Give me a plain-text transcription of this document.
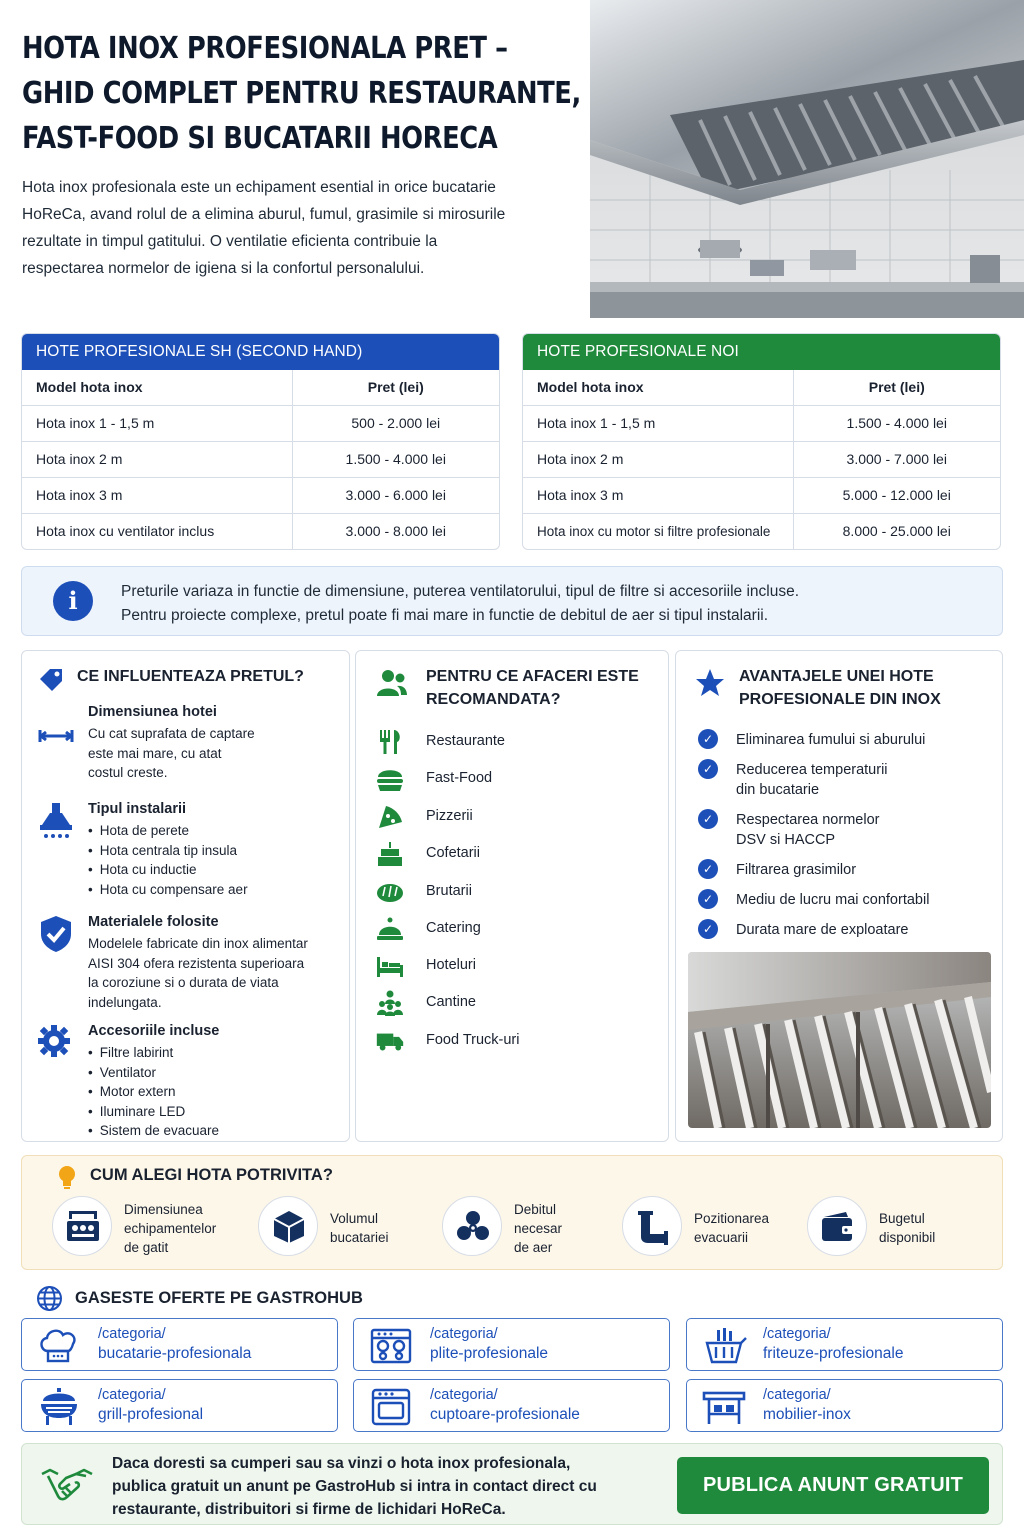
HOTA INOX PROFESIONALA PRET –
GHID COMPLET PENTRU RESTAURANTE,
FAST-FOOD SI BUCATARII HORECA
Hota inox profesionala este un echipament esential in orice bucatarie
HoReCa, avand rolul de a elimina aburul, fumul, grasimile si mirosurile
rezultate in timpul gatitului. O ventilatie eficienta contribuie la
respectarea normelor de igiena si la confortul personalului.
HOTE PROFESIONALE SH (SECOND HAND)
Model hota inox	Pret (lei)
Hota inox 1 - 1,5 m	500 - 2.000 lei
Hota inox 2 m	1.500 - 4.000 lei
Hota inox 3 m	3.000 - 6.000 lei
Hota inox cu ventilator inclus	3.000 - 8.000 lei
HOTE PROFESIONALE NOI
Model hota inox	Pret (lei)
Hota inox 1 - 1,5 m	1.500 - 4.000 lei
Hota inox 2 m	3.000 - 7.000 lei
Hota inox 3 m	5.000 - 12.000 lei
Hota inox cu motor si filtre profesionale	8.000 - 25.000 lei
i	Preturile variaza in functie de dimensiune, puterea ventilatorului, tipul de filtre si accesoriile incluse.
Pentru proiecte complexe, pretul poate fi mai mare in functie de debitul de aer si tipul instalarii.
CE INFLUENTEAZA PRETUL?
Dimensiunea hotei
Cu cat suprafata de captare
este mai mare, cu atat
costul creste.
Tipul instalarii
• Hota de perete
• Hota centrala tip insula
• Hota cu inductie
• Hota cu compensare aer
Materialele folosite
Modelele fabricate din inox alimentar
AISI 304 ofera rezistenta superioara
la coroziune si o durata de viata
indelungata.
Accesoriile incluse
• Filtre labirint
• Ventilator
• Motor extern
• Iluminare LED
• Sistem de evacuare
PENTRU CE AFACERI ESTE
RECOMANDATA?
Restaurante
Fast-Food
Pizzerii
Cofetarii
Brutarii
Catering
Hoteluri
Cantine
Food Truck-uri
AVANTAJELE UNEI HOTE
PROFESIONALE DIN INOX
✓	Eliminarea fumului si aburului
✓	Reducerea temperaturii
din bucatarie
✓	Respectarea normelor
DSV si HACCP
✓	Filtrarea grasimilor
✓	Mediu de lucru mai confortabil
✓	Durata mare de exploatare
CUM ALEGI HOTA POTRIVITA?
Dimensiunea
echipamentelor
de gatit
Volumul
bucatariei
Debitul
necesar
de aer
Pozitionarea
evacuarii
Bugetul
disponibil
GASESTE OFERTE PE GASTROHUB
/categoria/
bucatarie-profesionala
/categoria/
plite-profesionale
/categoria/
friteuze-profesionale
/categoria/
grill-profesional
/categoria/
cuptoare-profesionale
/categoria/
mobilier-inox
Daca doresti sa cumperi sau sa vinzi o hota inox profesionala,
publica gratuit un anunt pe GastroHub si intra in contact direct cu
restaurante, distribuitori si firme de lichidari HoReCa.
PUBLICA ANUNT GRATUIT
